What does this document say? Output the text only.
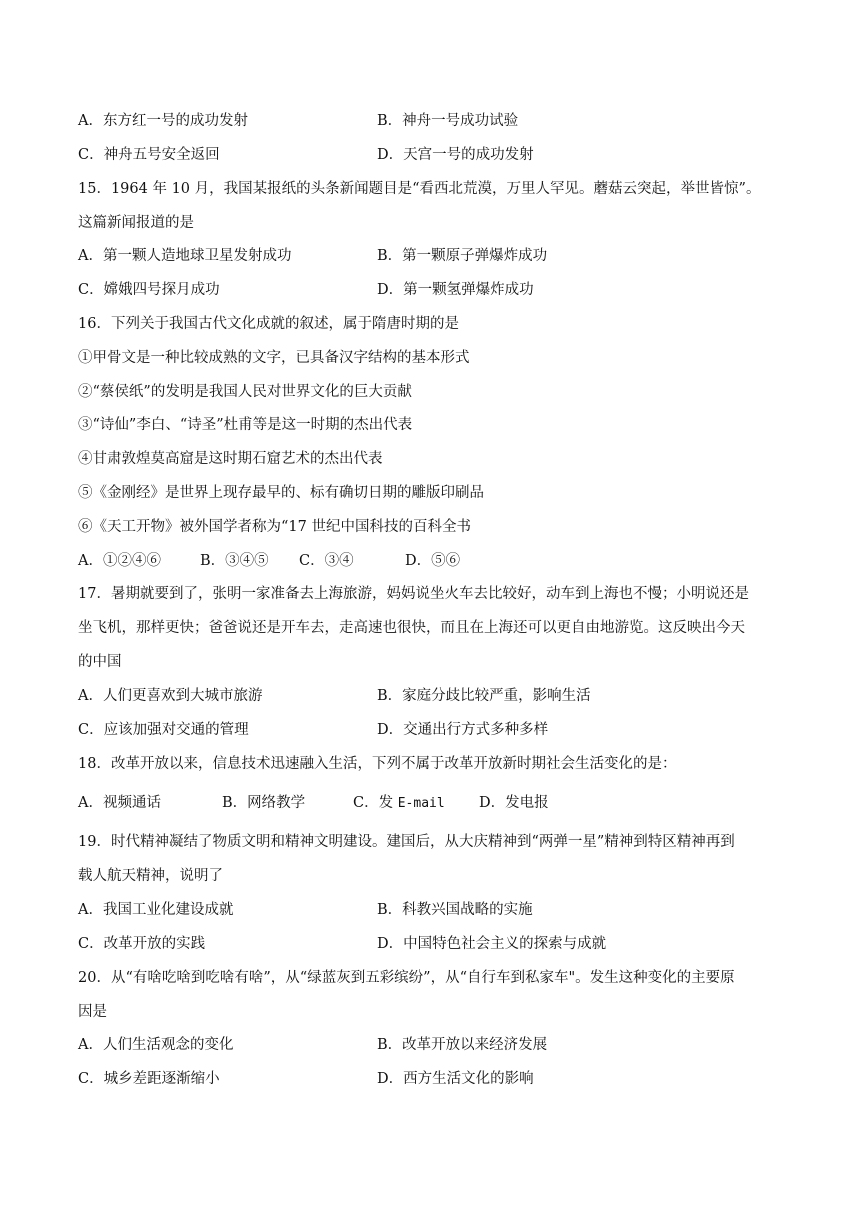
A．东方红一号的成功发射	B．神舟一号成功试验
C．神舟五号安全返回	D．天宫一号的成功发射
15．1964 年 10 月，我国某报纸的头条新闻题目是“看西北荒漠，万里人罕见。蘑菇云突起，举世皆惊”。
这篇新闻报道的是
A．第一颗人造地球卫星发射成功	B．第一颗原子弹爆炸成功
C．嫦娥四号探月成功	D．第一颗氢弹爆炸成功
16．下列关于我国古代文化成就的叙述，属于隋唐时期的是
①甲骨文是一种比较成熟的文字，已具备汉字结构的基本形式
②“蔡侯纸”的发明是我国人民对世界文化的巨大贡献
③“诗仙”李白、“诗圣”杜甫等是这一时期的杰出代表
④甘肃敦煌莫高窟是这时期石窟艺术的杰出代表
⑤《金刚经》是世界上现存最早的、标有确切日期的雕版印刷品
⑥《天工开物》被外国学者称为“17 世纪中国科技的百科全书
A．①②④⑥	B．③④⑤ C．③④	D．⑤⑥
17．暑期就要到了，张明一家准备去上海旅游，妈妈说坐火车去比较好，动车到上海也不慢；小明说还是
坐飞机，那样更快；爸爸说还是开车去，走高速也很快，而且在上海还可以更自由地游览。这反映出今天
的中国
A．人们更喜欢到大城市旅游	B．家庭分歧比较严重，影响生活
C．应该加强对交通的管理	D．交通出行方式多种多样
18．改革开放以来，信息技术迅速融入生活，下列不属于改革开放新时期社会生活变化的是：
A．视频通话	B．网络教学	C．发 E-mail D．发电报
19．时代精神凝结了物质文明和精神文明建设。建国后，从大庆精神到“两弹一星”精神到特区精神再到
载人航天精神，说明了
A．我国工业化建设成就	B．科教兴国战略的实施
C．改革开放的实践	D．中国特色社会主义的探索与成就
20．从“有啥吃啥到吃啥有啥”，从“绿蓝灰到五彩缤纷”，从“自行车到私家车"。发生这种变化的主要原
因是
A．人们生活观念的变化	B．改革开放以来经济发展
C．城乡差距逐渐缩小	D．西方生活文化的影响
